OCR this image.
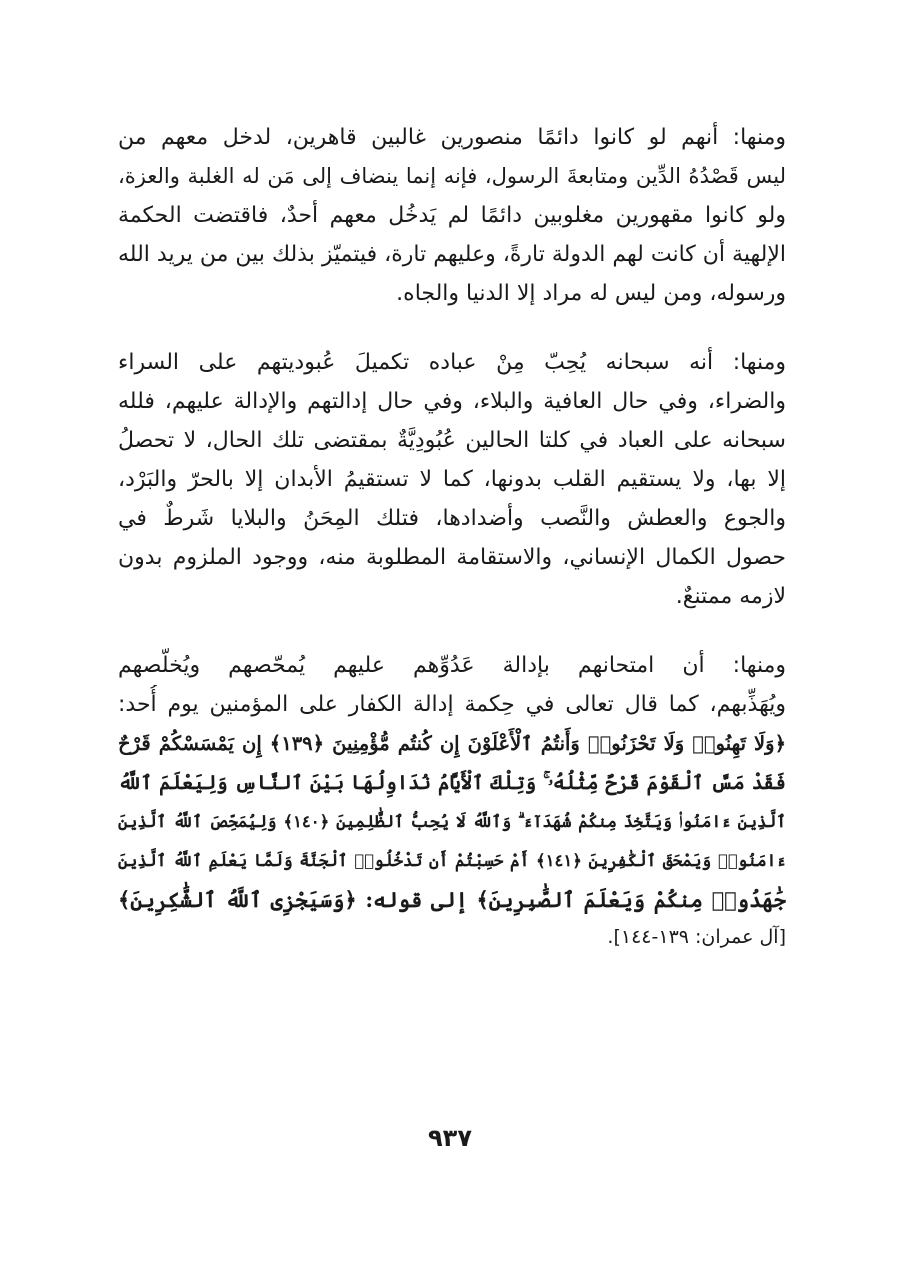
ومنها: أنهم لو كانوا دائمًا منصورين غالبين قاهرين، لدخل معهم من
ليس قَصْدُهُ الدِّين ومتابعةَ الرسول، فإنه إنما ينضاف إلى مَن له الغلبة والعزة،
ولو كانوا مقهورين مغلوبين دائمًا لم يَدخُل معهم أحدٌ، فاقتضت الحكمة
الإلهية أن كانت لهم الدولة تارةً، وعليهم تارة، فيتميّز بذلك بين من يريد الله
ورسوله، ومن ليس له مراد إلا الدنيا والجاه.
ومنها: أنه سبحانه يُحِبّ مِنْ عباده تكميلَ عُبوديتهم على السراء
والضراء، وفي حال العافية والبلاء، وفي حال إدالتهم والإدالة عليهم، فلله
سبحانه على العباد في كلتا الحالين عُبُودِيَّةٌ بمقتضى تلك الحال، لا تحصلُ
إلا بها، ولا يستقيم القلب بدونها، كما لا تستقيمُ الأبدان إلا بالحرّ والبَرْد،
والجوع والعطش والنَّصب وأضدادها، فتلك المِحَنُ والبلايا شَرطٌ في
حصول الكمال الإنساني، والاستقامة المطلوبة منه، ووجود الملزوم بدون
لازمه ممتنعٌ.
ومنها: أن امتحانهم بإدالة عَدُوِّهم عليهم يُمحّصهم ويُخلّصهم
ويُهَذِّبهم، كما قال تعالى في حِكمة إدالة الكفار على المؤمنين يوم أُحد:
﴿وَلَا تَهِنُوا۟ وَلَا تَحْزَنُوا۟ وَأَنتُمُ ٱلْأَعْلَوْنَ إِن كُنتُم مُّؤْمِنِينَ ﴿١٣٩﴾ إِن يَمْسَسْكُمْ قَرْحٌ
فَقَدْ مَسَّ ٱلْقَوْمَ قَرْحٌ مِّثْلُهُۥ ۚ وَتِلْكَ ٱلْأَيَّامُ نُدَاوِلُهَا بَيْنَ ٱلنَّاسِ وَلِيَعْلَمَ ٱللَّهُ
ٱلَّذِينَ ءَامَنُوا۟ وَيَتَّخِذَ مِنكُمْ شُهَدَآءَ ۗ وَٱللَّهُ لَا يُحِبُّ ٱلظَّٰلِمِينَ ﴿١٤٠﴾ وَلِيُمَحِّصَ ٱللَّهُ ٱلَّذِينَ
ءَامَنُوا۟ وَيَمْحَقَ ٱلْكَٰفِرِينَ ﴿١٤١﴾ أَمْ حَسِبْتُمْ أَن تَدْخُلُوا۟ ٱلْجَنَّةَ وَلَمَّا يَعْلَمِ ٱللَّهُ ٱلَّذِينَ
جَٰهَدُوا۟ مِنكُمْ وَيَعْلَمَ ٱلصَّٰبِرِينَ﴾ إلى قوله: ﴿وَسَيَجْزِى ٱللَّهُ ٱلشَّٰكِرِينَ﴾
[آل عمران: ١٣٩-١٤٤].
٩٣٧
